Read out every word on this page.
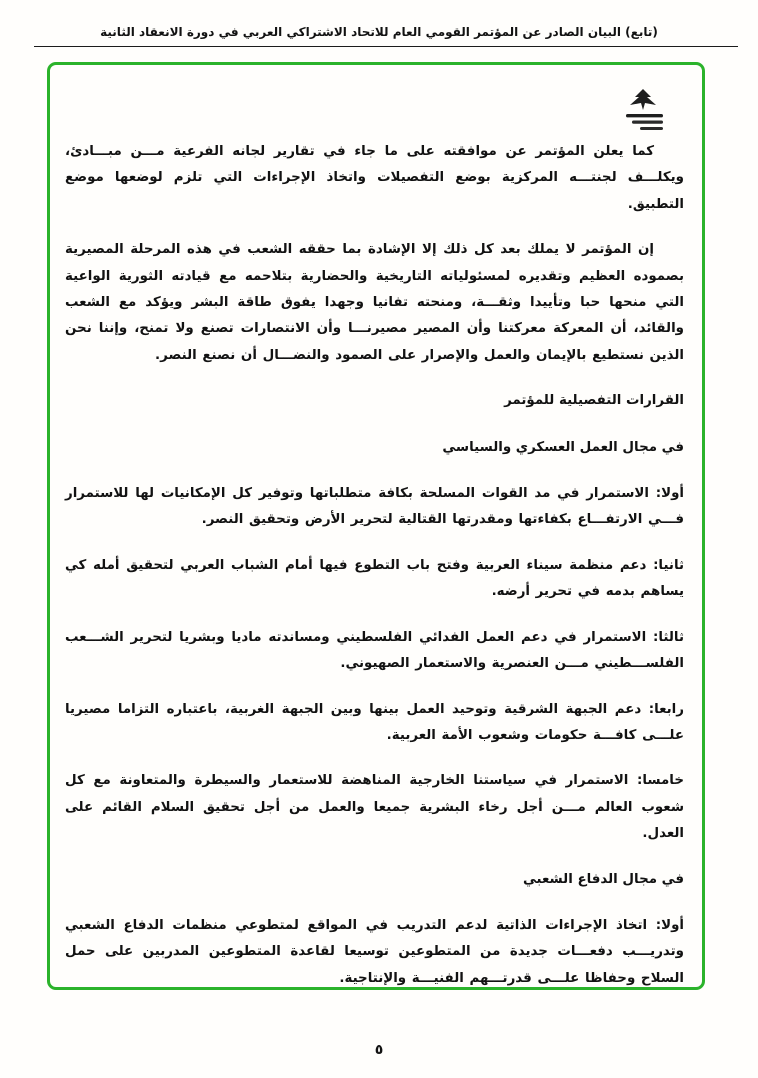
(تابع) البيان الصادر عن المؤتمر القومي العام للاتحاد الاشتراكي العربي في دورة الانعقاد الثانية

كما يعلن المؤتمر عن موافقته على ما جاء في تقارير لجانه الفرعية مـــن مبـــادئ، ويكلـــف لجنتـــه المركزية بوضع التفصيلات واتخاذ الإجراءات التي تلزم لوضعها موضع التطبيق.

إن المؤتمر لا يملك بعد كل ذلك إلا الإشادة بما حققه الشعب في هذه المرحلة المصيرية بصموده العظيم وتقديره لمسئولياته التاريخية والحضارية بتلاحمه مع قيادته الثورية الواعية التي منحها حبا وتأييدا وثقـــة، ومنحته تفانيا وجهدا يفوق طاقة البشر ويؤكد مع الشعب والقائد، أن المعركة معركتنا وأن المصير مصيرنـــا وأن الانتصارات تصنع ولا تمنح، وإننا نحن الذين نستطيع بالإيمان والعمل والإصرار على الصمود والنضـــال أن نصنع النصر.

القرارات التفصيلية للمؤتمر

في مجال العمل العسكري والسياسي

أولا: الاستمرار في مد القوات المسلحة بكافة متطلباتها وتوفير كل الإمكانيات لها للاستمرار فـــي الارتفـــاع بكفاءتها ومقدرتها القتالية لتحرير الأرض وتحقيق النصر.

ثانيا: دعم منظمة سيناء العربية وفتح باب التطوع فيها أمام الشباب العربي لتحقيق أمله كي يساهم بدمه في تحرير أرضه.

ثالثا: الاستمرار في دعم العمل الفدائي الفلسطيني ومساندته ماديا وبشريا لتحرير الشـــعب الفلســـطيني مـــن العنصرية والاستعمار الصهيوني.

رابعا: دعم الجبهة الشرقية وتوحيد العمل بينها وبين الجبهة الغربية، باعتباره التزاما مصيريا علـــى كافـــة حكومات وشعوب الأمة العربية.

خامسا: الاستمرار في سياستنا الخارجية المناهضة للاستعمار والسيطرة والمتعاونة مع كل شعوب العالم مـــن أجل رخاء البشرية جميعا والعمل من أجل تحقيق السلام القائم على العدل.

في مجال الدفاع الشعبي

أولا: اتخاذ الإجراءات الذاتية لدعم التدريب في المواقع لمتطوعي منظمات الدفاع الشعبي وتدريـــب دفعـــات جديدة من المتطوعين توسيعا لقاعدة المتطوعين المدربين على حمل السلاح وحفاظا علـــى قدرتـــهم الفنيـــة والإنتاجية.

٥
